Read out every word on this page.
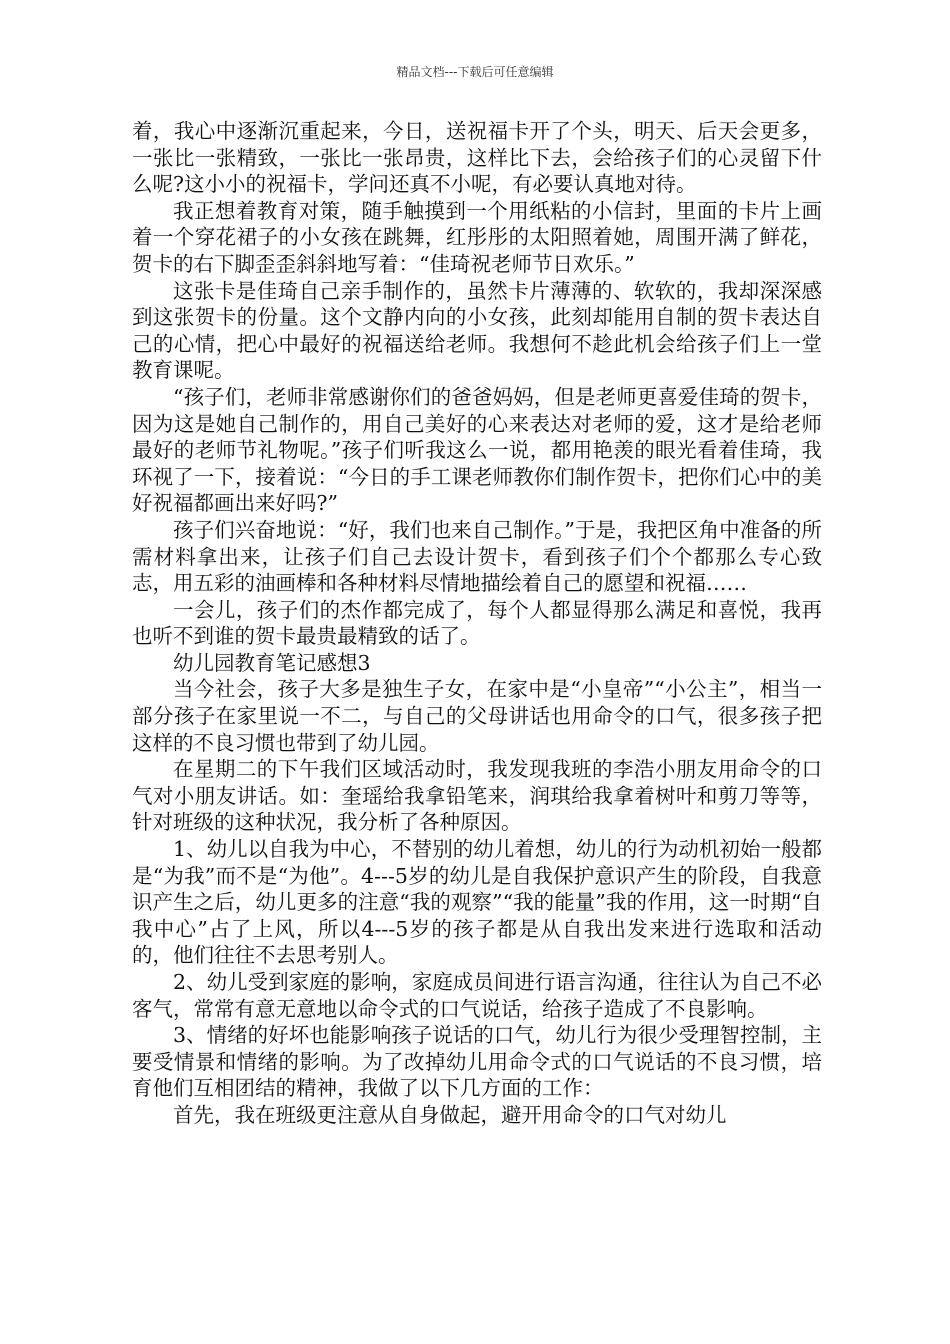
精品文档---下载后可任意编辑

着，我心中逐渐沉重起来，今日，送祝福卡开了个头，明天、后天会更多，一张比一张精致，一张比一张昂贵，这样比下去，会给孩子们的心灵留下什么呢?这小小的祝福卡，学问还真不小呢，有必要认真地对待。

我正想着教育对策，随手触摸到一个用纸粘的小信封，里面的卡片上画着一个穿花裙子的小女孩在跳舞，红彤彤的太阳照着她，周围开满了鲜花，贺卡的右下脚歪歪斜斜地写着：“佳琦祝老师节日欢乐。”

这张卡是佳琦自己亲手制作的，虽然卡片薄薄的、软软的，我却深深感到这张贺卡的份量。这个文静内向的小女孩，此刻却能用自制的贺卡表达自己的心情，把心中最好的祝福送给老师。我想何不趁此机会给孩子们上一堂教育课呢。

“孩子们，老师非常感谢你们的爸爸妈妈，但是老师更喜爱佳琦的贺卡，因为这是她自己制作的，用自己美好的心来表达对老师的爱，这才是给老师最好的老师节礼物呢。”孩子们听我这么一说，都用艳羡的眼光看着佳琦，我环视了一下，接着说：“今日的手工课老师教你们制作贺卡，把你们心中的美好祝福都画出来好吗?”

孩子们兴奋地说：“好，我们也来自己制作。”于是，我把区角中准备的所需材料拿出来，让孩子们自己去设计贺卡，看到孩子们个个都那么专心致志，用五彩的油画棒和各种材料尽情地描绘着自己的愿望和祝福……

一会儿，孩子们的杰作都完成了，每个人都显得那么满足和喜悦，我再也听不到谁的贺卡最贵最精致的话了。

幼儿园教育笔记感想3

当今社会，孩子大多是独生子女，在家中是“小皇帝”“小公主”，相当一部分孩子在家里说一不二，与自己的父母讲话也用命令的口气，很多孩子把这样的不良习惯也带到了幼儿园。

在星期二的下午我们区域活动时，我发现我班的李浩小朋友用命令的口气对小朋友讲话。如：奎瑶给我拿铅笔来，润琪给我拿着树叶和剪刀等等，针对班级的这种状况，我分析了各种原因。

1、幼儿以自我为中心，不替别的幼儿着想，幼儿的行为动机初始一般都是“为我”而不是“为他”。4---5岁的幼儿是自我保护意识产生的阶段，自我意识产生之后，幼儿更多的注意“我的观察”“我的能量”我的作用，这一时期“自我中心”占了上风，所以4---5岁的孩子都是从自我出发来进行选取和活动的，他们往往不去思考别人。

2、幼儿受到家庭的影响，家庭成员间进行语言沟通，往往认为自己不必客气，常常有意无意地以命令式的口气说话，给孩子造成了不良影响。

3、情绪的好坏也能影响孩子说话的口气，幼儿行为很少受理智控制，主要受情景和情绪的影响。为了改掉幼儿用命令式的口气说话的不良习惯，培育他们互相团结的精神，我做了以下几方面的工作：

首先，我在班级更注意从自身做起，避开用命令的口气对幼儿
